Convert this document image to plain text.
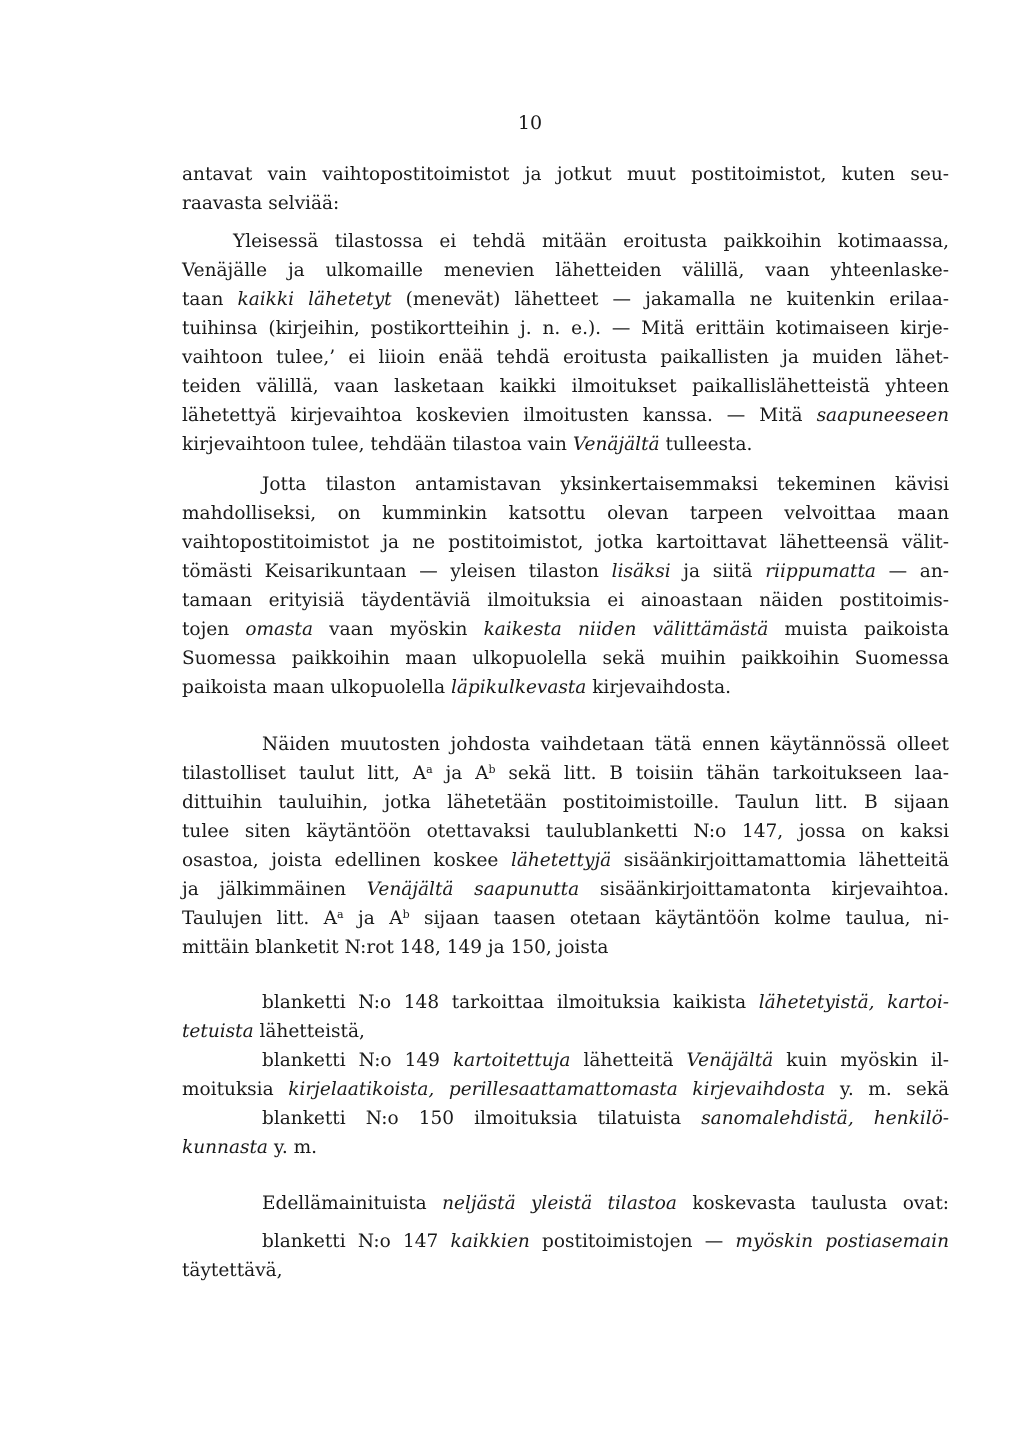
10
antavat vain vaihtopostitoimistot ja jotkut muut postitoimistot, kuten seu-
raavasta selviää:
Yleisessä tilastossa ei tehdä mitään eroitusta paikkoihin kotimaassa,
Venäjälle ja ulkomaille menevien lähetteiden välillä, vaan yhteenlaske-
taan kaikki lähetetyt (menevät) lähetteet — jakamalla ne kuitenkin erilaa-
tuihinsa (kirjeihin, postikortteihin j. n. e.). — Mitä erittäin kotimaiseen kirje-
vaihtoon tulee,’ ei liioin enää tehdä eroitusta paikallisten ja muiden lähet-
teiden välillä, vaan lasketaan kaikki ilmoitukset paikallislähetteistä yhteen
lähetettyä kirjevaihtoa koskevien ilmoitusten kanssa. — Mitä saapuneeseen
kirjevaihtoon tulee, tehdään tilastoa vain Venäjältä tulleesta.
Jotta tilaston antamistavan yksinkertaisemmaksi tekeminen kävisi
mahdolliseksi, on kumminkin katsottu olevan tarpeen velvoittaa maan
vaihtopostitoimistot ja ne postitoimistot, jotka kartoittavat lähetteensä välit-
tömästi Keisarikuntaan — yleisen tilaston lisäksi ja siitä riippumatta — an-
tamaan erityisiä täydentäviä ilmoituksia ei ainoastaan näiden postitoimis-
tojen omasta vaan myöskin kaikesta niiden välittämästä muista paikoista
Suomessa paikkoihin maan ulkopuolella sekä muihin paikkoihin Suomessa
paikoista maan ulkopuolella läpikulkevasta kirjevaihdosta.
Näiden muutosten johdosta vaihdetaan tätä ennen käytännössä olleet
tilastolliset taulut litt, $A^a$ ja $A^b$ sekä litt. B toisiin tähän tarkoitukseen laa-
dittuihin tauluihin, jotka lähetetään postitoimistoille. Taulun litt. B sijaan
tulee siten käytäntöön otettavaksi taulublanketti N:o 147, jossa on kaksi
osastoa, joista edellinen koskee lähetettyjä sisäänkirjoittamattomia lähetteitä
ja jälkimmäinen Venäjältä saapunutta sisäänkirjoittamatonta kirjevaihtoa.
Taulujen litt. $A^a$ ja $A^b$ sijaan taasen otetaan käytäntöön kolme taulua, ni-
mittäin blanketit N:rot 148, 149 ja 150, joista
blanketti N:o 148 tarkoittaa ilmoituksia kaikista lähetetyistä, kartoi-
tetuista lähetteistä,
blanketti N:o 149 kartoitettuja lähetteitä Venäjältä kuin myöskin il-
moituksia kirjelaatikoista, perillesaattamattomasta kirjevaihdosta y. m. sekä
blanketti N:o 150 ilmoituksia tilatuista sanomalehdistä, henkilö-
kunnasta y. m.
Edellämainituista neljästä yleistä tilastoa koskevasta taulusta ovat:
blanketti N:o 147 kaikkien postitoimistojen — myöskin postiasemain
täytettävä,
